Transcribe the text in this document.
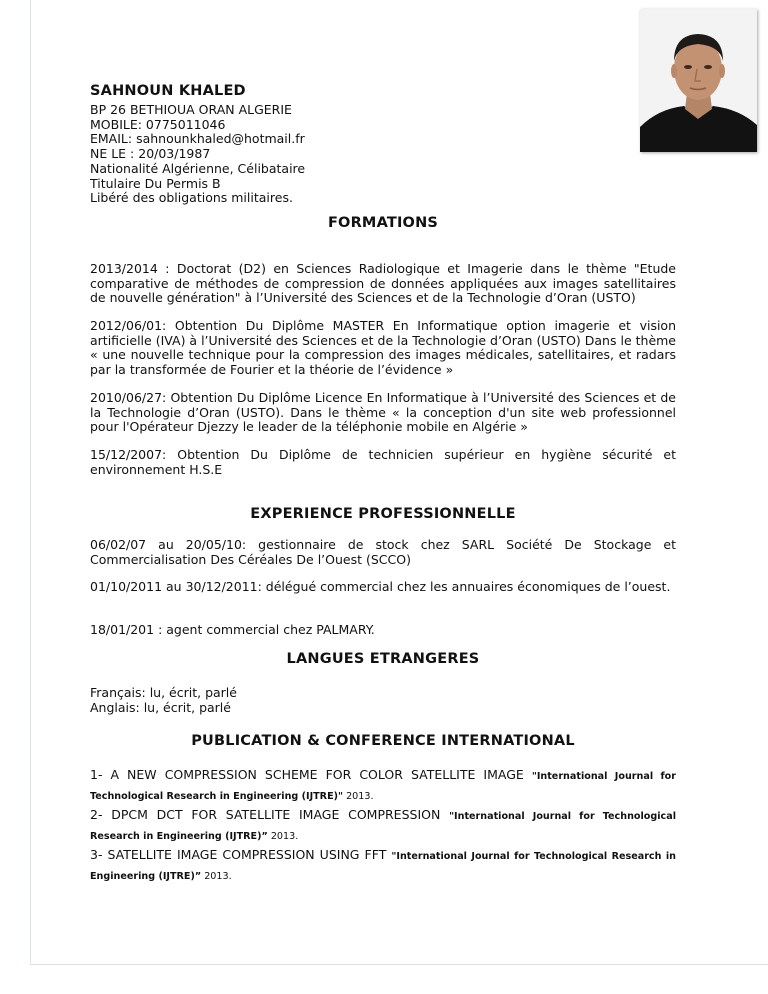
SAHNOUN KHALED
BP 26 BETHIOUA ORAN ALGERIE
MOBILE: 0775011046
EMAIL: sahnounkhaled@hotmail.fr
NE LE : 20/03/1987
Nationalité Algérienne, Célibataire
Titulaire Du Permis B
Libéré des obligations militaires.
FORMATIONS

2013/2014 : Doctorat (D2) en Sciences Radiologique et Imagerie dans le thème "Etude comparative de méthodes de compression de données appliquées aux images satellitaires de nouvelle génération" à l’Université des Sciences et de la Technologie d’Oran (USTO)

2012/06/01: Obtention Du Diplôme MASTER En Informatique option imagerie et vision artificielle (IVA) à l’Université des Sciences et de la Technologie d’Oran (USTO) Dans le thème « une nouvelle technique pour la compression des images médicales, satellitaires, et radars par la transformée de Fourier et la théorie de l’évidence »

2010/06/27: Obtention Du Diplôme Licence En Informatique à l’Université des Sciences et de la Technologie d’Oran (USTO). Dans le thème « la conception d'un site web professionnel pour l'Opérateur Djezzy le leader de la téléphonie mobile en Algérie »

15/12/2007: Obtention Du Diplôme de technicien supérieur en hygiène sécurité et environnement H.S.E

EXPERIENCE PROFESSIONNELLE

06/02/07 au 20/05/10: gestionnaire de stock chez SARL Société De Stockage et Commercialisation Des Céréales De l’Ouest (SCCO)

01/10/2011 au 30/12/2011: délégué commercial chez les annuaires économiques de l’ouest.

18/01/201 : agent commercial chez PALMARY.

LANGUES ETRANGERES
Français: lu, écrit, parlé
Anglais: lu, écrit, parlé
PUBLICATION & CONFERENCE INTERNATIONAL

1- A NEW COMPRESSION SCHEME FOR COLOR SATELLITE IMAGE "International Journal for Technological Research in Engineering (IJTRE)" 2013.

2- DPCM DCT FOR SATELLITE IMAGE COMPRESSION "International Journal for Technological Research in Engineering (IJTRE)” 2013.

3- SATELLITE IMAGE COMPRESSION USING FFT "International Journal for Technological Research in Engineering (IJTRE)” 2013.
